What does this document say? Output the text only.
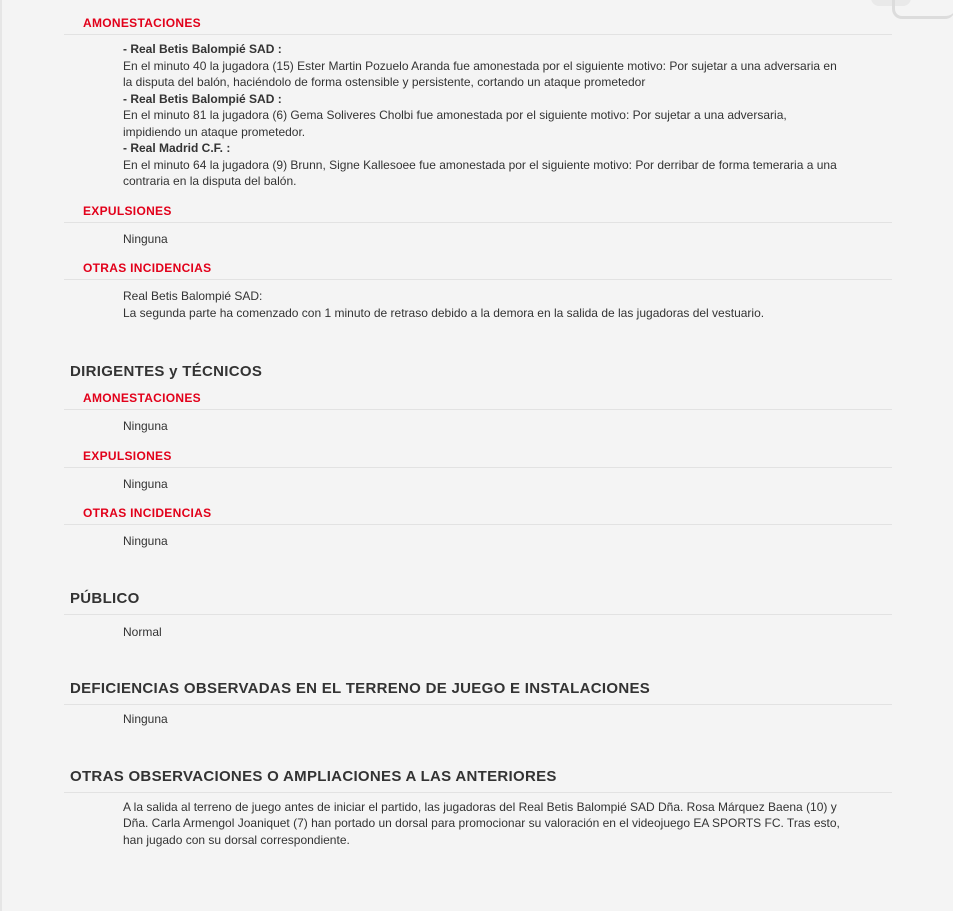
AMONESTACIONES
- Real Betis Balompié SAD :
En el minuto 40 la jugadora (15) Ester Martin Pozuelo Aranda fue amonestada por el siguiente motivo: Por sujetar a una adversaria en la disputa del balón, haciéndolo de forma ostensible y persistente, cortando un ataque prometedor
- Real Betis Balompié SAD :
En el minuto 81 la jugadora (6) Gema Soliveres Cholbi fue amonestada por el siguiente motivo: Por sujetar a una adversaria, impidiendo un ataque prometedor.
- Real Madrid C.F. :
En el minuto 64 la jugadora (9) Brunn, Signe Kallesoee fue amonestada por el siguiente motivo: Por derribar de forma temeraria a una contraria en la disputa del balón.
EXPULSIONES
Ninguna
OTRAS INCIDENCIAS
Real Betis Balompié SAD:
La segunda parte ha comenzado con 1 minuto de retraso debido a la demora en la salida de las jugadoras del vestuario.
DIRIGENTES y TÉCNICOS
AMONESTACIONES
Ninguna
EXPULSIONES
Ninguna
OTRAS INCIDENCIAS
Ninguna
PÚBLICO
Normal
DEFICIENCIAS OBSERVADAS EN EL TERRENO DE JUEGO E INSTALACIONES
Ninguna
OTRAS OBSERVACIONES O AMPLIACIONES A LAS ANTERIORES
A la salida al terreno de juego antes de iniciar el partido, las jugadoras del Real Betis Balompié SAD Dña. Rosa Márquez Baena (10) y Dña. Carla Armengol Joaniquet (7) han portado un dorsal para promocionar su valoración en el videojuego EA SPORTS FC. Tras esto, han jugado con su dorsal correspondiente.
